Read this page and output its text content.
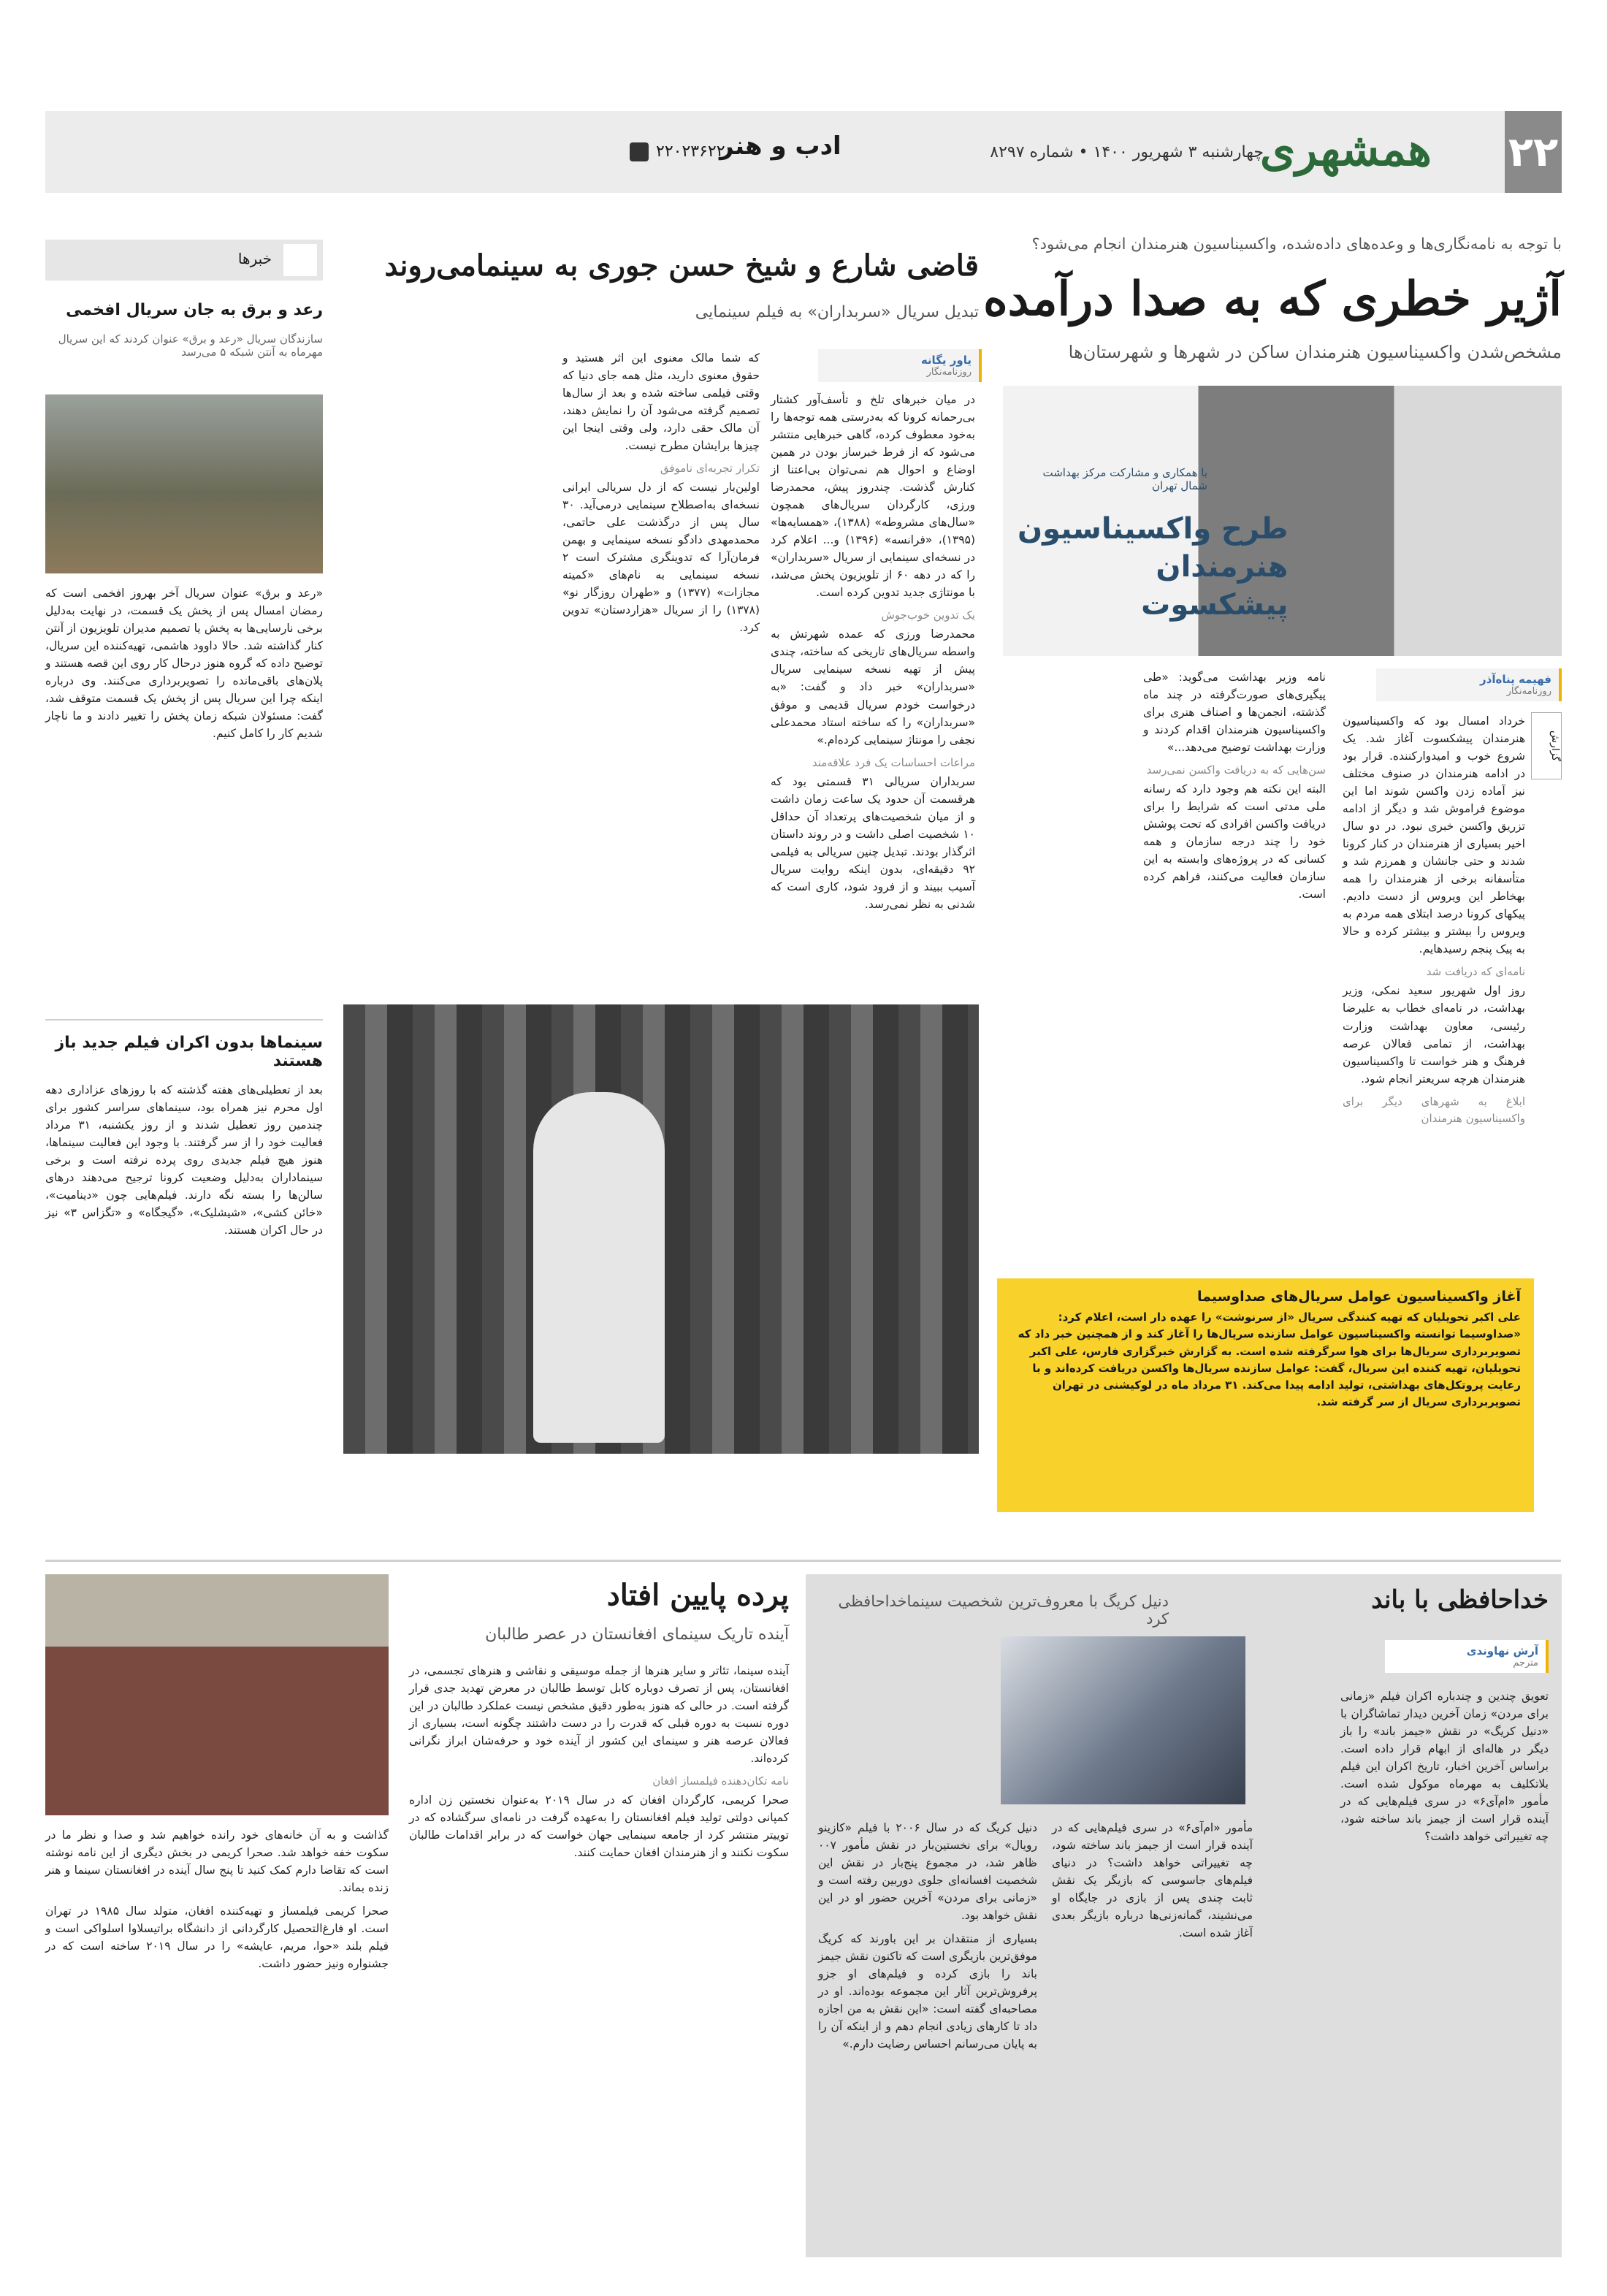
۲۲
همشهری
چهارشنبه ۳ شهریور ۱۴۰۰ • شماره ۸۲۹۷
ادب و هنر
۲۲۰۲۳۶۲۲
با توجه به نامه‌نگاری‌ها و وعده‌های داده‌شده، واکسیناسیون هنرمندان انجام می‌شود؟
آژیر خطری که به صدا درآمده
مشخص‌شدن واکسیناسیون هنرمندان ساکن در شهرها و شهرستان‌ها
طرح واکسیناسیون
هنرمندان
پیشکسوت
با همکاری و مشارکت مرکز بهداشت شمال تهران
فهیمه پناه‌آذر
روزنامه‌نگار
گزارش

خرداد امسال بود که واکسیناسیون هنرمندان پیشکسوت آغاز شد. یک شروع خوب و امیدوارکننده. قرار بود در ادامه هنرمندان در صنوف مختلف نیز آماده زدن واکسن شوند اما این موضوع فراموش شد و دیگر از ادامه تزریق واکسن خبری نبود. در دو سال اخیر بسیاری از هنرمندان در کنار کرونا شدند و حتی جانشان و همرزم شد و متأسفانه برخی از هنرمندان را همه بهخاطر این ویروس از دست دادیم. پیکهای کرونا درصد ابتلای همه مردم به ویروس را بیشتر و بیشتر کرده و حالا به پیک پنجم رسیدهایم.

نامه‌ای که دریافت شد

روز اول شهریور سعید نمکی، وزیر بهداشت، در نامه‌ای خطاب به علیرضا رئیسی، معاون بهداشت وزارت بهداشت، از تمامی فعالان عرصه فرهنگ و هنر خواست تا واکسیناسیون هنرمندان هرچه سریعتر انجام شود.

ابلاغ به شهرهای دیگر برای واکسیناسیون هنرمندان

نامه وزیر بهداشت می‌گوید: «طی پیگیری‌های صورت‌گرفته در چند ماه گذشته، انجمن‌ها و اصناف هنری برای واکسیناسیون هنرمندان اقدام کردند و وزارت بهداشت توضیح می‌دهد...»

سن‌هایی که به دریافت واکسن نمی‌رسد

البته این نکته هم وجود دارد که رسانه ملی مدتی است که شرایط را برای دریافت واکسن افرادی که تحت پوشش خود را چند درجه سازمان و همه کسانی که در پروژه‌های وابسته به این سازمان فعالیت می‌کنند، فراهم کرده است.

آغاز واکسیناسیون عوامل سریال‌های صداوسیما
علی اکبر تحویلیان که تهیه کنندگی سریال «از سرنوشت» را عهده دار است، اعلام کرد: «صداوسیما توانسته واکسیناسیون عوامل سازنده سریال‌ها را آغاز کند و از همچنین خبر داد که تصویربرداری سریال‌ها برای هوا سرگرفته شده است. به گزارش خبرگزاری فارس، علی اکبر تحویلیان، تهیه کننده این سریال، گفت: عوامل سازنده سریال‌ها واکسن دریافت کرده‌اند و با رعایت پروتکل‌های بهداشتی، تولید ادامه پیدا می‌کند. ۳۱ مرداد ماه در لوکیشنی در تهران تصویربرداری سریال از سر گرفته شد.
قاضی شارع و شیخ حسن جوری به سینمامی‌روند
تبدیل سریال «سربداران» به فیلم سینمایی
یاور یگانه
روزنامه‌نگار

در میان خبرهای تلخ و تأسف‌آور کشتار بی‌رحمانه کرونا که به‌درستی همه توجه‌ها را به‌خود معطوف کرده، گاهی خبرهایی منتشر می‌شود که از فرط خبرساز بودن در همین اوضاع و احوال هم نمی‌توان بی‌اعتنا از کنارش گذشت. چندروز پیش، محمدرضا ورزی، کارگردان سریال‌های همچون «سال‌های مشروطه» (۱۳۸۸)، «همسایه‌ها» (۱۳۹۵)، «فرانسه» (۱۳۹۶) و... اعلام کرد در نسخه‌ای سینمایی از سریال «سربداران» را که در دهه ۶۰ از تلویزیون پخش می‌شد، با مونتاژی جدید تدوین کرده است.

یک تدوین خوب‌جوش

محمدرضا ورزی که عمده شهرتش به واسطه سریال‌های تاریخی که ساخته، چندی پیش از تهیه نسخه سینمایی سریال «سربداران» خبر داد و گفت: «به درخواست خودم سریال قدیمی و موفق «سربداران» را که ساخته استاد محمدعلی نجفی را مونتاژ سینمایی کرده‌ام.»

مراعات احساسات یک فرد علاقه‌مند

سربداران سریالی ۳۱ قسمتی بود که هرقسمت آن حدود یک ساعت زمان داشت و از میان شخصیت‌های پرتعداد آن حداقل ۱۰ شخصیت اصلی داشت و در روند داستان اثرگذار بودند. تبدیل چنین سریالی به فیلمی ۹۲ دقیقه‌ای، بدون اینکه روایت سریال آسیب ببیند و از فرود شود، کاری است که شدنی به نظر نمی‌رسد.

که شما مالک معنوی این اثر هستید و حقوق معنوی دارید، مثل همه جای دنیا که وقتی فیلمی ساخته شده و بعد از سال‌ها تصمیم گرفته می‌شود آن را نمایش دهند، آن مالک حقی دارد، ولی وقتی اینجا این چیزها برایشان مطرح نیست.

تکرار تجربه‌ای ناموفق

اولین‌بار نیست که از دل سریالی ایرانی نسخه‌ای به‌اصطلاح سینمایی درمی‌آید. ۳۰ سال پس از درگذشت علی حاتمی، محمدمهدی دادگو نسخه سینمایی و بهمن فرمان‌آرا که تدوینگری مشترک است ۲ نسخه سینمایی به نام‌های «کمیته مجازات» (۱۳۷۷) و «طهران روزگار نو» (۱۳۷۸) را از سریال «هزاردستان» تدوین کرد.

خبرها
رعد و برق به جان سریال افخمی
سازندگان سریال «رعد و برق» عنوان کردند که این سریال مهرماه به آنتن شبکه ۵ می‌رسد
«رعد و برق» عنوان سریال آخر بهروز افخمی است که رمضان امسال پس از پخش یک قسمت، در نهایت به‌دلیل برخی نارسایی‌ها به پخش یا تصمیم مدیران تلویزیون از آنتن کنار گذاشته شد. حالا داوود هاشمی، تهیه‌کننده این سریال، توضیح داده که گروه هنوز درحال کار روی این قصه هستند و پلان‌های باقی‌مانده را تصویربرداری می‌کنند. وی درباره اینکه چرا این سریال پس از پخش یک قسمت متوقف شد، گفت: مسئولان شبکه زمان پخش را تغییر دادند و ما ناچار شدیم کار را کامل کنیم.
سینماها بدون اکران فیلم جدید باز هستند
بعد از تعطیلی‌های هفته گذشته که با روزهای عزاداری دهه اول محرم نیز همراه بود، سینماهای سراسر کشور برای چندمین روز تعطیل شدند و از روز یکشنبه، ۳۱ مرداد فعالیت خود را از سر گرفتند. با وجود این فعالیت سینماها، هنوز هیچ فیلم جدیدی روی پرده نرفته است و برخی سینماداران به‌دلیل وضعیت کرونا ترجیح می‌دهند درهای سالن‌ها را بسته نگه دارند. فیلم‌هایی چون «دینامیت»، «خائن کشی»، «شیشلیک»، «گیجگاه» و «تگزاس ۳» نیز در حال اکران هستند.
پرده پایین افتاد
آینده تاریک سینمای افغانستان در عصر طالبان

آینده سینما، تئاتر و سایر هنرها از جمله موسیقی و نقاشی و هنرهای تجسمی، در افغانستان، پس از تصرف دوباره کابل توسط طالبان در معرض تهدید جدی قرار گرفته است. در حالی که هنوز به‌طور دقیق مشخص نیست عملکرد طالبان در این دوره نسبت به دوره قبلی که قدرت را در دست داشتند چگونه است، بسیاری از فعالان عرصه هنر و سینمای این کشور از آینده خود و حرفه‌شان ابراز نگرانی کرده‌اند.

نامه تکان‌دهنده فیلمساز افغان

صحرا کریمی، کارگردان افغان که در سال ۲۰۱۹ به‌عنوان نخستین زن اداره کمپانی دولتی تولید فیلم افغانستان را به‌عهده گرفت در نامه‌ای سرگشاده که در توییتر منتشر کرد از جامعه سینمایی جهان خواست که در برابر اقدامات طالبان سکوت نکنند و از هنرمندان افغان حمایت کنند.

گذاشت و به آن خانه‌های خود رانده خواهیم شد و صدا و نظر ما در سکوت خفه خواهد شد. صحرا کریمی در بخش دیگری از این نامه نوشته است که تقاضا دارم کمک کنید تا پنج سال آینده در افغانستان سینما و هنر زنده بماند.

صحرا کریمی فیلمساز و تهیه‌کننده افغان، متولد سال ۱۹۸۵ در تهران است. او فارغ‌التحصیل کارگردانی از دانشگاه براتیسلاوا اسلواکی است و فیلم بلند «حوا، مریم، عایشه» را در سال ۲۰۱۹ ساخته است که در جشنواره ونیز حضور داشت.

خداحافظی با باند
دنیل کریگ با معروف‌ترین شخصیت سینماخداحافظی کرد
آرش نهاوندی
مترجم

تعویق چندین و چندباره اکران فیلم «زمانی برای مردن» زمان آخرین دیدار تماشاگران با «دنیل کریگ» در نقش «جیمز باند» را باز دیگر در هاله‌ای از ابهام قرار داده است. براساس آخرین اخبار، تاریخ اکران این فیلم بلاتکلیف به مهرماه موکول شده است. مأمور «ام‌آی۶» در سری فیلم‌هایی که در آینده قرار است از جیمز باند ساخته شود، چه تغییراتی خواهد داشت؟

دنیل کریگ که در سال ۲۰۰۶ با فیلم «کازینو رویال» برای نخستین‌بار در نقش مأمور ۰۰۷ ظاهر شد، در مجموع پنج‌بار در نقش این شخصیت افسانه‌ای جلوی دوربین رفته است و «زمانی برای مردن» آخرین حضور او در این نقش خواهد بود.

بسیاری از منتقدان بر این باورند که کریگ موفق‌ترین بازیگری است که تاکنون نقش جیمز باند را بازی کرده و فیلم‌های او جزو پرفروش‌ترین آثار این مجموعه بوده‌اند. او در مصاحبه‌ای گفته است: «این نقش به من اجازه داد تا کارهای زیادی انجام دهم و از اینکه آن را به پایان می‌رسانم احساس رضایت دارم.»

مأمور «ام‌آی۶» در سری فیلم‌هایی که در آینده قرار است از جیمز باند ساخته شود، چه تغییراتی خواهد داشت؟ در دنیای فیلم‌های جاسوسی که بازیگر یک نقش ثابت چندی پس از بازی در جایگاه او می‌نشیند، گمانه‌زنی‌ها درباره بازیگر بعدی آغاز شده است.
